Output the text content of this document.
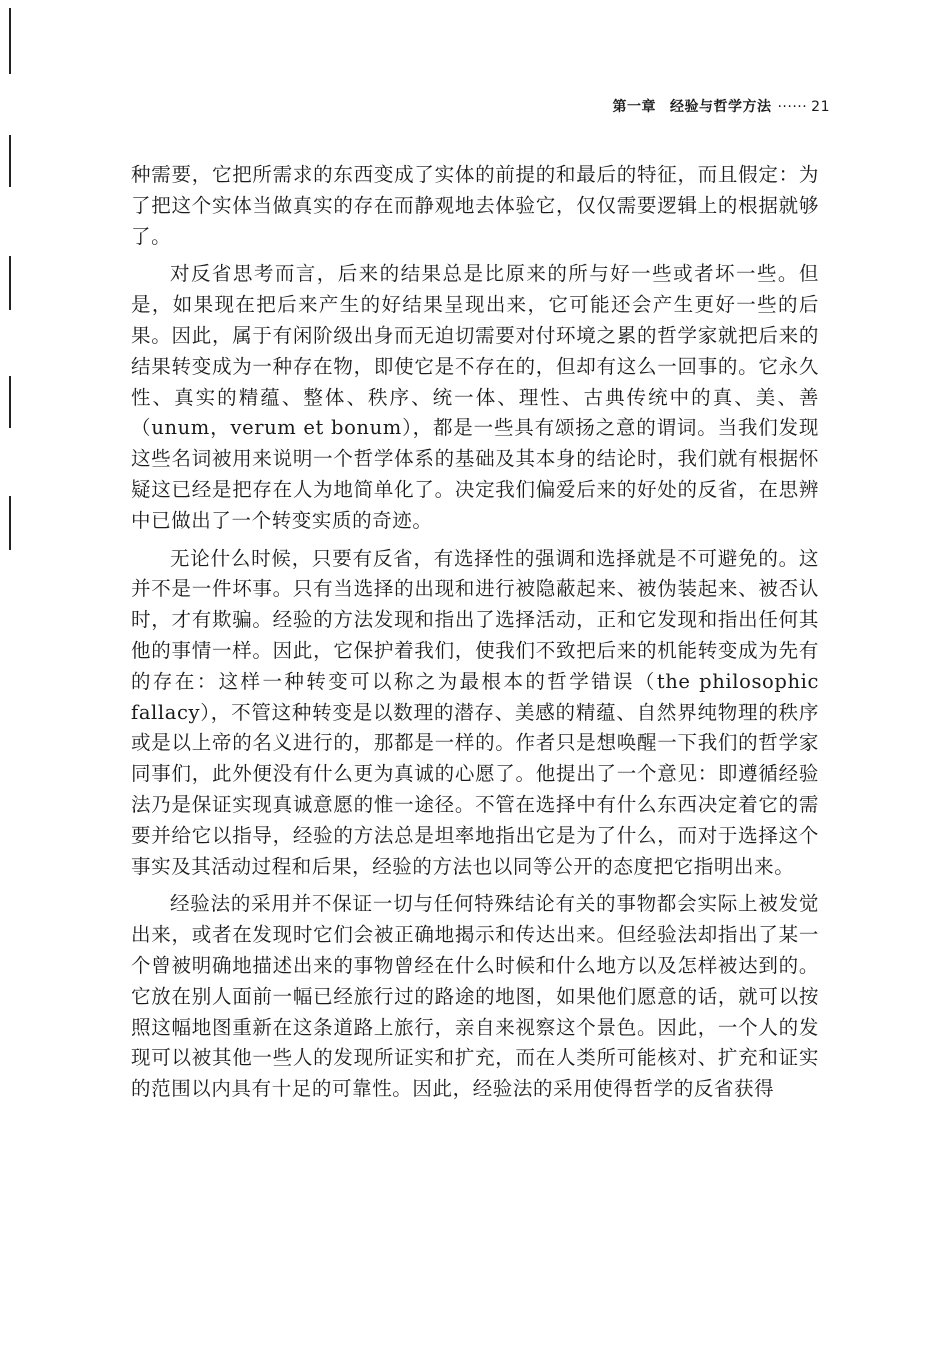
第一章 经验与哲学方法 ······ 21

种需要，它把所需求的东西变成了实体的前提的和最后的特征，而且假定：为了把这个实体当做真实的存在而静观地去体验它，仅仅需要逻辑上的根据就够了。

对反省思考而言，后来的结果总是比原来的所与好一些或者坏一些。但是，如果现在把后来产生的好结果呈现出来，它可能还会产生更好一些的后果。因此，属于有闲阶级出身而无迫切需要对付环境之累的哲学家就把后来的结果转变成为一种存在物，即使它是不存在的，但却有这么一回事的。它永久性、真实的精蕴、整体、秩序、统一体、理性、古典传统中的真、美、善（unum，verum et bonum），都是一些具有颂扬之意的谓词。当我们发现这些名词被用来说明一个哲学体系的基础及其本身的结论时，我们就有根据怀疑这已经是把存在人为地简单化了。决定我们偏爱后来的好处的反省，在思辨中已做出了一个转变实质的奇迹。

无论什么时候，只要有反省，有选择性的强调和选择就是不可避免的。这并不是一件坏事。只有当选择的出现和进行被隐蔽起来、被伪装起来、被否认时，才有欺骗。经验的方法发现和指出了选择活动，正和它发现和指出任何其他的事情一样。因此，它保护着我们，使我们不致把后来的机能转变成为先有的存在：这样一种转变可以称之为最根本的哲学错误（the philosophic fallacy），不管这种转变是以数理的潜存、美感的精蕴、自然界纯物理的秩序或是以上帝的名义进行的，那都是一样的。作者只是想唤醒一下我们的哲学家同事们，此外便没有什么更为真诚的心愿了。他提出了一个意见：即遵循经验法乃是保证实现真诚意愿的惟一途径。不管在选择中有什么东西决定着它的需要并给它以指导，经验的方法总是坦率地指出它是为了什么，而对于选择这个事实及其活动过程和后果，经验的方法也以同等公开的态度把它指明出来。

经验法的采用并不保证一切与任何特殊结论有关的事物都会实际上被发觉出来，或者在发现时它们会被正确地揭示和传达出来。但经验法却指出了某一个曾被明确地描述出来的事物曾经在什么时候和什么地方以及怎样被达到的。它放在别人面前一幅已经旅行过的路途的地图，如果他们愿意的话，就可以按照这幅地图重新在这条道路上旅行，亲自来视察这个景色。因此，一个人的发现可以被其他一些人的发现所证实和扩充，而在人类所可能核对、扩充和证实的范围以内具有十足的可靠性。因此，经验法的采用使得哲学的反省获得
